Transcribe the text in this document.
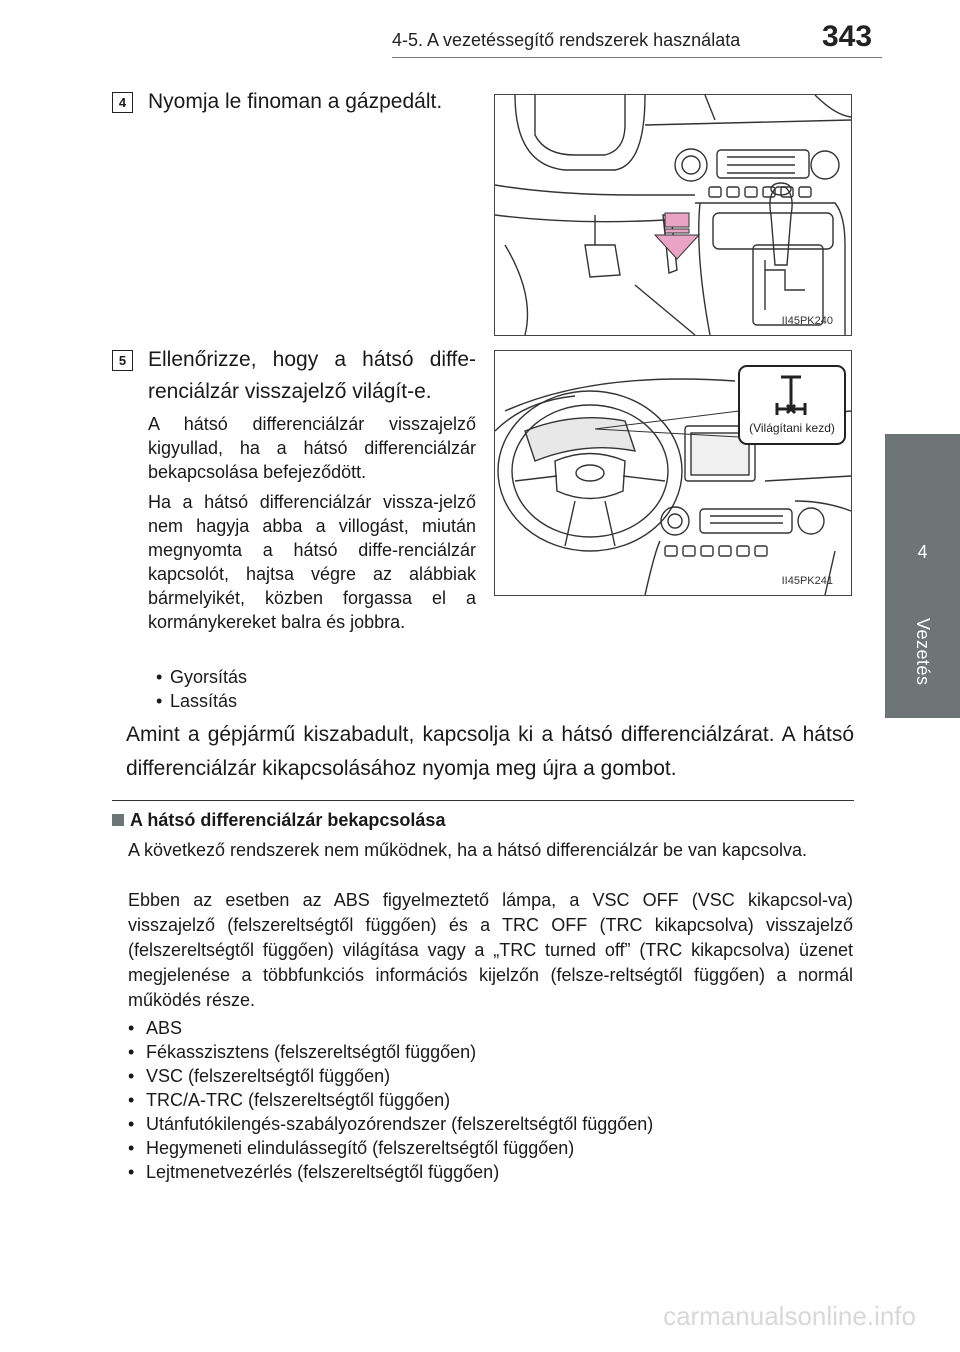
4-5. A vezetéssegítő rendszerek használata	343
4
Vezetés
4	Nyomja le finoman a gázpedált.
II45PK240
5	Ellenőrizze, hogy a hátsó diffe-renciálzár visszajelző világít-e.
A hátsó differenciálzár visszajelző kigyullad, ha a hátsó differenciálzár bekapcsolása befejeződött.
Ha a hátsó differenciálzár vissza-jelző nem hagyja abba a villogást, miután megnyomta a hátsó diffe-renciálzár kapcsolót, hajtsa végre az alábbiak bármelyikét, közben forgassa el a kormánykereket balra és jobbra.
• Gyorsítás
• Lassítás
(Világítani kezd)
II45PK241
Amint a gépjármű kiszabadult, kapcsolja ki a hátsó differenciálzárat. A hátsó differenciálzár kikapcsolásához nyomja meg újra a gombot.
A hátsó differenciálzár bekapcsolása
A következő rendszerek nem működnek, ha a hátsó differenciálzár be van kapcsolva.
Ebben az esetben az ABS figyelmeztető lámpa, a VSC OFF (VSC kikapcsol-va) visszajelző (felszereltségtől függően) és a TRC OFF (TRC kikapcsolva) visszajelző (felszereltségtől függően) világítása vagy a „TRC turned off” (TRC kikapcsolva) üzenet megjelenése a többfunkciós információs kijelzőn (felsze-reltségtől függően) a normál működés része.
• ABS
• Fékasszisztens (felszereltségtől függően)
• VSC (felszereltségtől függően)
• TRC/A-TRC (felszereltségtől függően)
• Utánfutókilengés-szabályozórendszer (felszereltségtől függően)
• Hegymeneti elindulássegítő (felszereltségtől függően)
• Lejtmenetvezérlés (felszereltségtől függően)
carmanualsonline.info
